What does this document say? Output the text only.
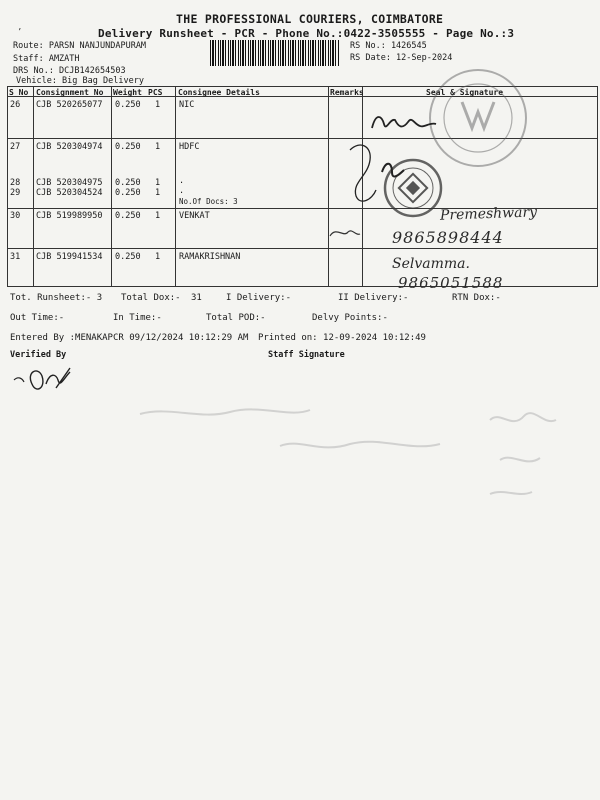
THE PROFESSIONAL COURIERS, COIMBATORE
ʼ	Delivery Runsheet - PCR - Phone No.:0422-3505555 - Page No.:3
Route: PARSN NANJUNDAPURAM
Staff: AMZATH
DRS No.: DCJB142654503
Vehicle: Big Bag Delivery
RS No.: 1426545
RS Date: 12-Sep-2024
S No Consignment No Weight PCS Consignee Details	Remarks	Seal & Signature
26 CJB 520265077 0.250 1 NIC
27 CJB 520304974 0.250 1 HDFC
28 CJB 520304975 0.250 1 .
29 CJB 520304524 0.250 1 .
No.Of Docs: 3
30 CJB 519989950 0.250 1 VENKAT
31 CJB 519941534 0.250 1 RAMAKRISHNAN
Premeshwary
9865898444
Selvamma.
9865051588
Tot. Runsheet:- 3 Total Dox:- 31	I Delivery:-	II Delivery:-	RTN Dox:-
Out Time:-	In Time:-	Total POD:-	Delvy Points:-
Entered By :MENAKAPCR 09/12/2024 10:12:29 AM Printed on: 12-09-2024 10:12:49
Verified By	Staff Signature
